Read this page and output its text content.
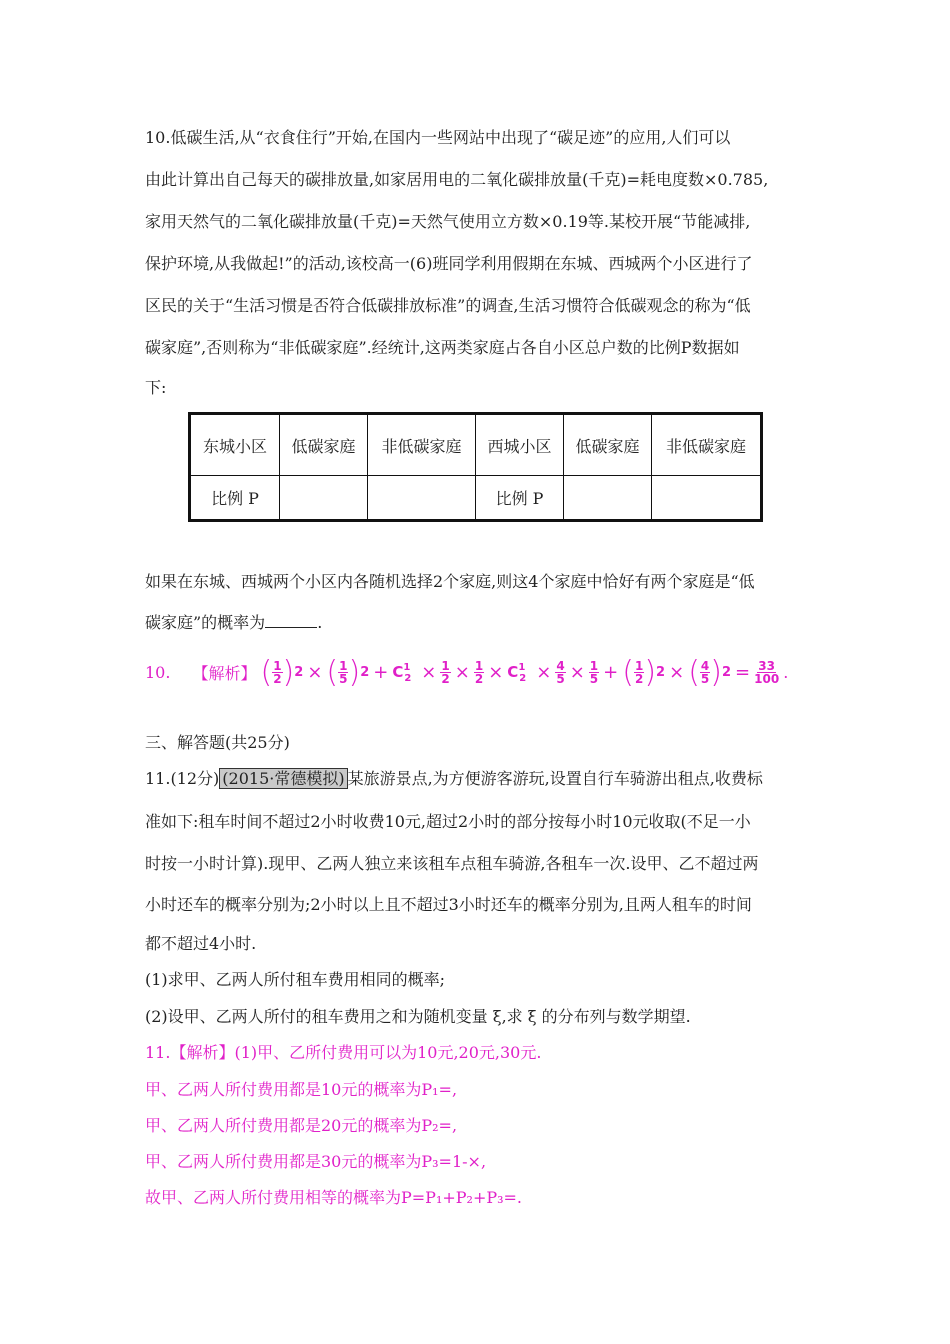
10.低碳生活,从“衣食住行”开始,在国内一些网站中出现了“碳足迹”的应用,人们可以
由此计算出自己每天的碳排放量,如家居用电的二氧化碳排放量(千克)=耗电度数×0.785,
家用天然气的二氧化碳排放量(千克)=天然气使用立方数×0.19等.某校开展“节能减排,
保护环境,从我做起!”的活动,该校高一(6)班同学利用假期在东城、西城两个小区进行了
区民的关于“生活习惯是否符合低碳排放标准”的调查,生活习惯符合低碳观念的称为“低
碳家庭”,否则称为“非低碳家庭”.经统计,这两类家庭占各自小区总户数的比例P数据如
下:
东城小区	低碳家庭	非低碳家庭	西城小区	低碳家庭	非低碳家庭
比例 P			比例 P		
如果在东城、西城两个小区内各随机选择2个家庭,则这4个家庭中恰好有两个家庭是“低
碳家庭”的概率为	.
10. 【解析】 ( $\frac{1}{2}$ ) 2 × ( $\frac{1}{5}$ ) $2 + C^1_2 \times \frac{1}{2} \times \frac{1}{2} \times C^1_2 \times \frac{4}{5} \times \frac{1}{5}$ + ( $\frac{1}{2}$ ) 2 × ( $\frac{4}{5}$ ) $2 = \frac{33}{100}$ .
三、解答题(共25分)
11.(12分) (2015·常德模拟) 某旅游景点,为方便游客游玩,设置自行车骑游出租点,收费标
准如下:租车时间不超过2小时收费10元,超过2小时的部分按每小时10元收取(不足一小
时按一小时计算).现甲、乙两人独立来该租车点租车骑游,各租车一次.设甲、乙不超过两
小时还车的概率分别为;2小时以上且不超过3小时还车的概率分别为,且两人租车的时间
都不超过4小时.
(1)求甲、乙两人所付租车费用相同的概率;
(2)设甲、乙两人所付的租车费用之和为随机变量 ξ,求 ξ 的分布列与数学期望.
11.【解析】(1)甲、乙所付费用可以为10元,20元,30元.
甲、乙两人所付费用都是10元的概率为P₁=,
甲、乙两人所付费用都是20元的概率为P₂=,
甲、乙两人所付费用都是30元的概率为P₃=1-×,
故甲、乙两人所付费用相等的概率为P=P₁+P₂+P₃=.
